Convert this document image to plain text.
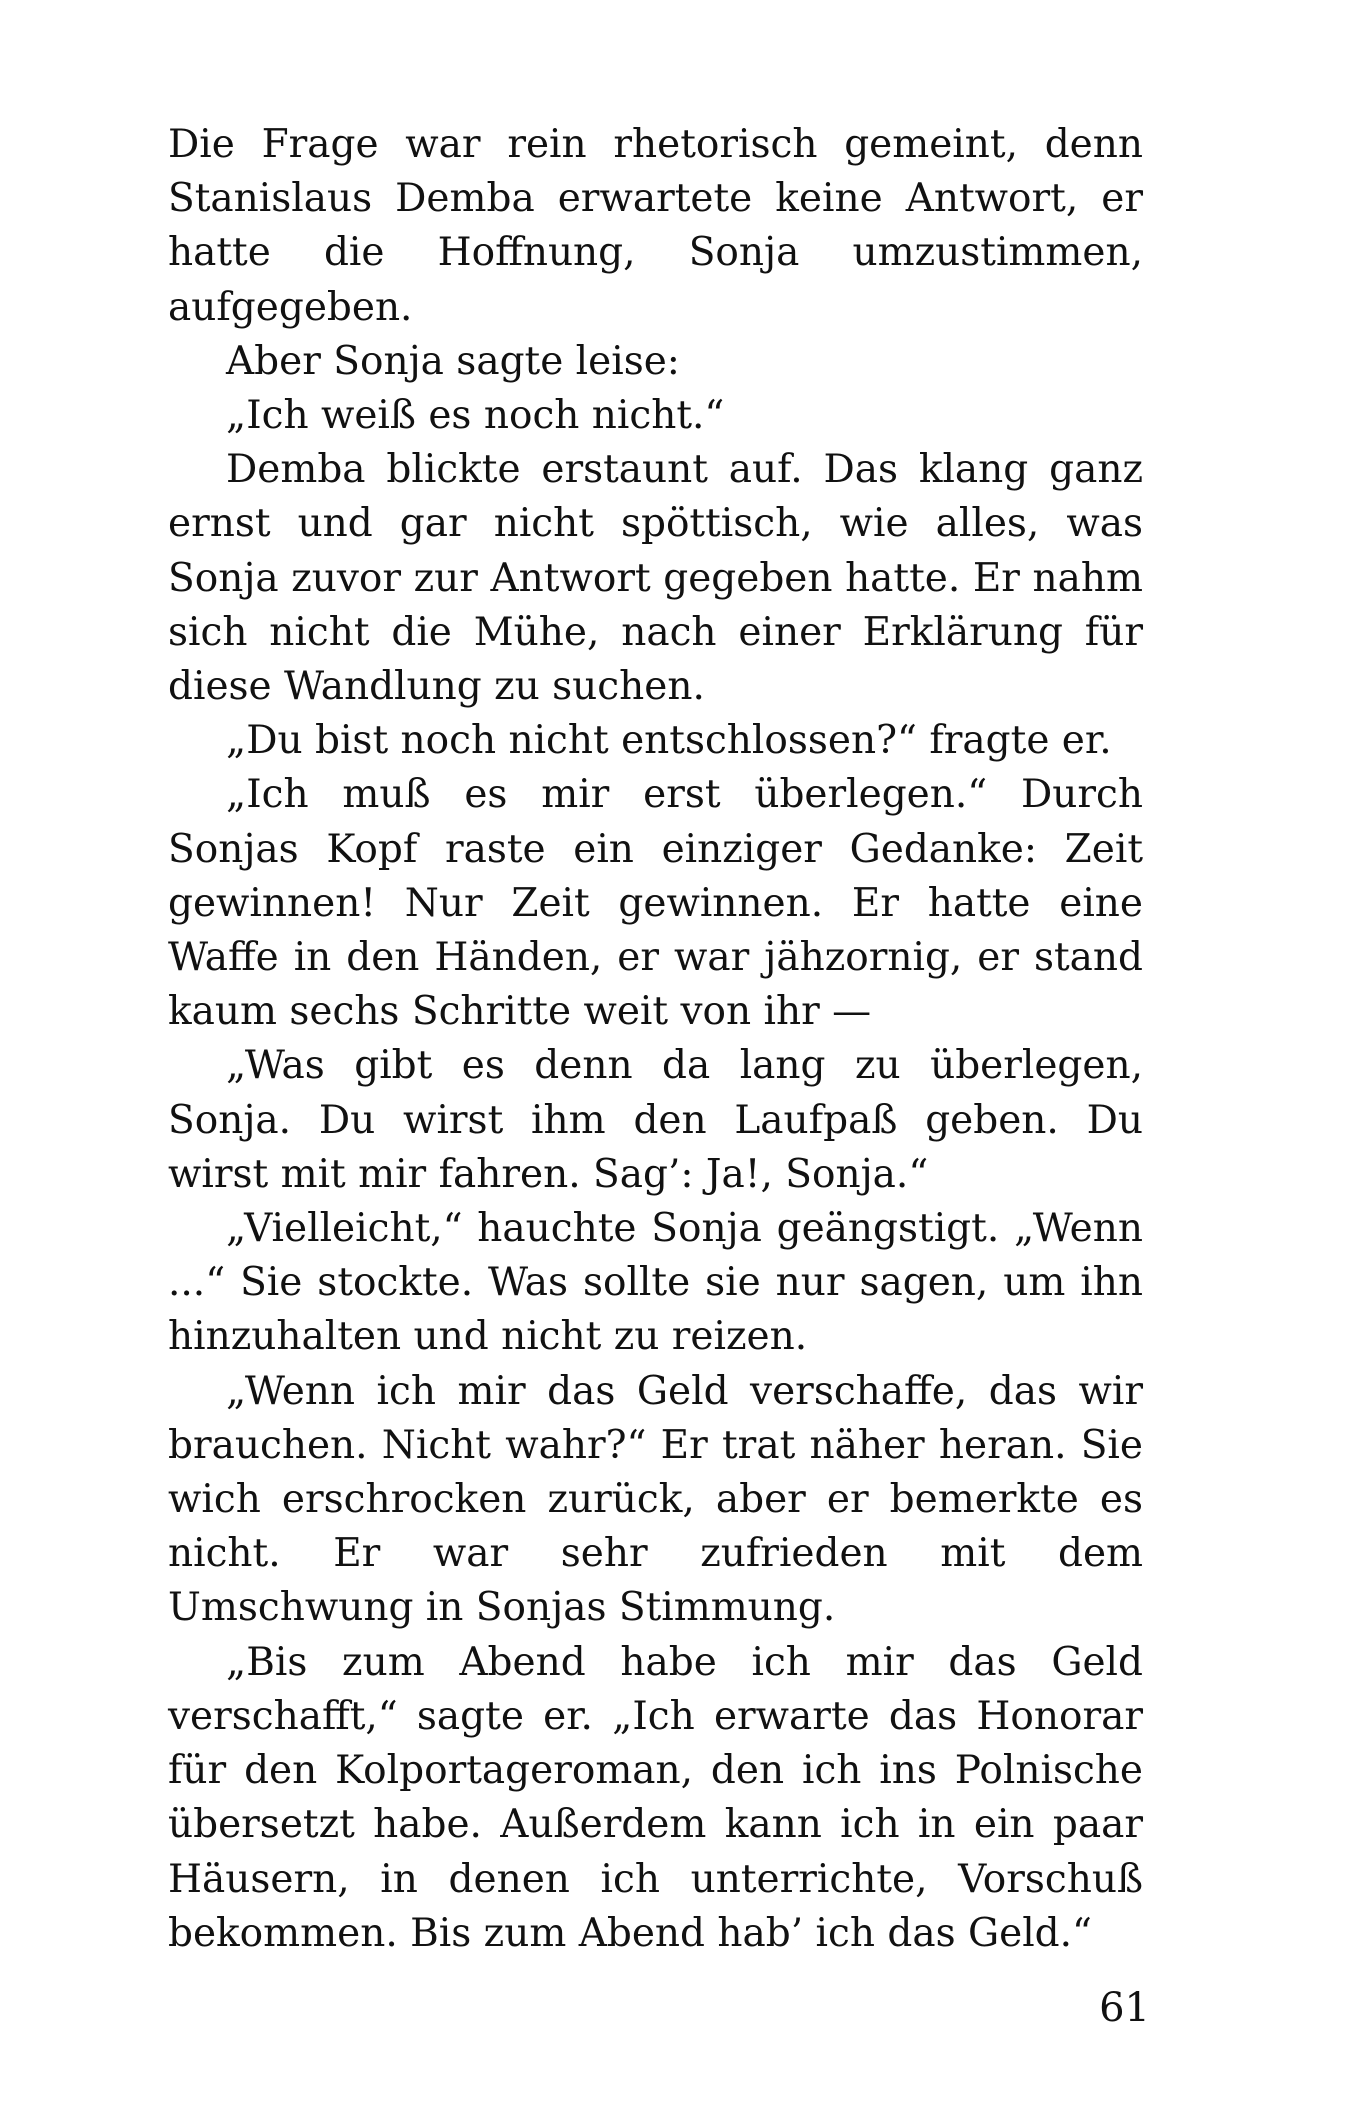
Die Frage war rein rhetorisch gemeint, denn Stanislaus Demba erwartete keine Antwort, er hatte die Hoffnung, Sonja umzustimmen, aufgegeben.

Aber Sonja sagte leise:

„Ich weiß es noch nicht.“

Demba blickte erstaunt auf. Das klang ganz ernst und gar nicht spöttisch, wie alles, was Sonja zuvor zur Antwort gegeben hatte. Er nahm sich nicht die Mühe, nach einer Erklärung für diese Wandlung zu suchen.

„Du bist noch nicht entschlossen?“ fragte er.

„Ich muß es mir erst überlegen.“ Durch Sonjas Kopf raste ein einziger Gedanke: Zeit gewinnen! Nur Zeit gewinnen. Er hatte eine Waffe in den Händen, er war jähzornig, er stand kaum sechs Schritte weit von ihr —

„Was gibt es denn da lang zu überlegen, Sonja. Du wirst ihm den Laufpaß geben. Du wirst mit mir fahren. Sag’: Ja!, Sonja.“

„Vielleicht,“ hauchte Sonja geängstigt. „Wenn ...“ Sie stockte. Was sollte sie nur sagen, um ihn hinzuhalten und nicht zu reizen.

„Wenn ich mir das Geld verschaffe, das wir brauchen. Nicht wahr?“ Er trat näher heran. Sie wich erschrocken zurück, aber er bemerkte es nicht. Er war sehr zufrieden mit dem Umschwung in Sonjas Stimmung.

„Bis zum Abend habe ich mir das Geld verschafft,“ sagte er. „Ich erwarte das Honorar für den Kolportageroman, den ich ins Polnische übersetzt habe. Außerdem kann ich in ein paar Häusern, in denen ich unterrichte, Vorschuß bekommen. Bis zum Abend hab’ ich das Geld.“

61
